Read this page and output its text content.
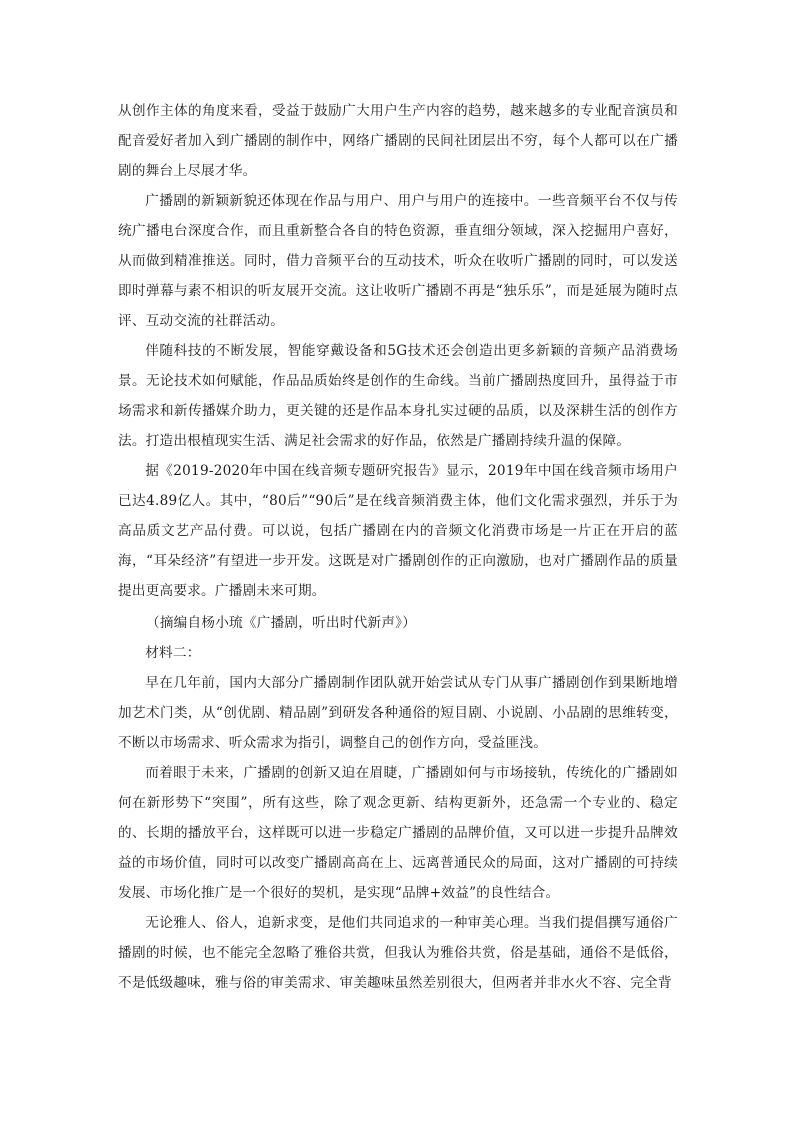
从创作主体的角度来看，受益于鼓励广大用户生产内容的趋势，越来越多的专业配音演员和配音爱好者加入到广播剧的制作中，网络广播剧的民间社团层出不穷，每个人都可以在广播剧的舞台上尽展才华。

广播剧的新颖新貌还体现在作品与用户、用户与用户的连接中。一些音频平台不仅与传统广播电台深度合作，而且重新整合各自的特色资源，垂直细分领域，深入挖掘用户喜好，从而做到精准推送。同时，借力音频平台的互动技术，听众在收听广播剧的同时，可以发送即时弹幕与素不相识的听友展开交流。这让收听广播剧不再是“独乐乐”，而是延展为随时点评、互动交流的社群活动。

伴随科技的不断发展，智能穿戴设备和5G技术还会创造出更多新颖的音频产品消费场景。无论技术如何赋能，作品品质始终是创作的生命线。当前广播剧热度回升，虽得益于市场需求和新传播媒介助力，更关键的还是作品本身扎实过硬的品质，以及深耕生活的创作方法。打造出根植现实生活、满足社会需求的好作品，依然是广播剧持续升温的保障。

据《2019-2020年中国在线音频专题研究报告》显示，2019年中国在线音频市场用户已达4.89亿人。其中，“80后”“90后”是在线音频消费主体，他们文化需求强烈，并乐于为高品质文艺产品付费。可以说，包括广播剧在内的音频文化消费市场是一片正在开启的蓝海，“耳朵经济”有望进一步开发。这既是对广播剧创作的正向激励，也对广播剧作品的质量提出更高要求。广播剧未来可期。

（摘编自杨小琉《广播剧，听出时代新声》）

材料二：

早在几年前，国内大部分广播剧制作团队就开始尝试从专门从事广播剧创作到果断地增加艺术门类，从“创优剧、精品剧”到研发各种通俗的短目剧、小说剧、小品剧的思维转变，不断以市场需求、听众需求为指引，调整自己的创作方向，受益匪浅。

而着眼于未来，广播剧的创新又迫在眉睫，广播剧如何与市场接轨，传统化的广播剧如何在新形势下“突围”，所有这些，除了观念更新、结构更新外，还急需一个专业的、稳定的、长期的播放平台，这样既可以进一步稳定广播剧的品牌价值，又可以进一步提升品牌效益的市场价值，同时可以改变广播剧高高在上、远离普通民众的局面，这对广播剧的可持续发展、市场化推广是一个很好的契机，是实现“品牌+效益”的良性结合。

无论雅人、俗人，追新求变，是他们共同追求的一种审美心理。当我们提倡撰写通俗广播剧的时候，也不能完全忽略了雅俗共赏，但我认为雅俗共赏，俗是基础，通俗不是低俗，不是低级趣味，雅与俗的审美需求、审美趣味虽然差别很大，但两者并非水火不容、完全背
